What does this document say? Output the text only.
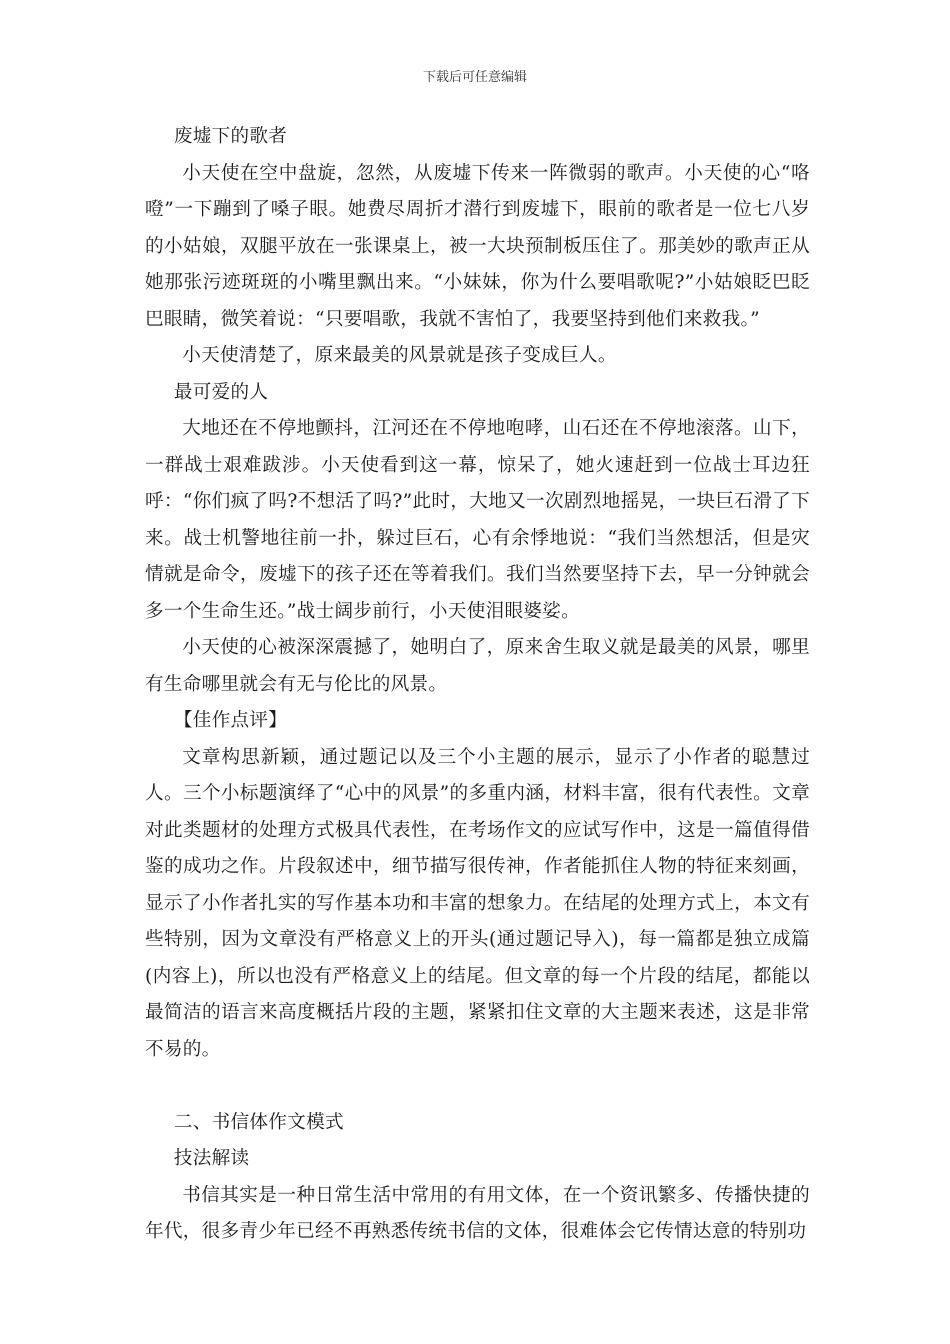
下载后可任意编辑

废墟下的歌者

小天使在空中盘旋，忽然，从废墟下传来一阵微弱的歌声。小天使的心“咯噔”一下蹦到了嗓子眼。她费尽周折才潜行到废墟下，眼前的歌者是一位七八岁的小姑娘，双腿平放在一张课桌上，被一大块预制板压住了。那美妙的歌声正从她那张污迹斑斑的小嘴里飘出来。“小妹妹，你为什么要唱歌呢?”小姑娘眨巴眨巴眼睛，微笑着说：“只要唱歌，我就不害怕了，我要坚持到他们来救我。”

小天使清楚了，原来最美的风景就是孩子变成巨人。

最可爱的人

大地还在不停地颤抖，江河还在不停地咆哮，山石还在不停地滚落。山下，一群战士艰难跋涉。小天使看到这一幕，惊呆了，她火速赶到一位战士耳边狂呼：“你们疯了吗?不想活了吗?”此时，大地又一次剧烈地摇晃，一块巨石滑了下来。战士机警地往前一扑，躲过巨石，心有余悸地说：“我们当然想活，但是灾情就是命令，废墟下的孩子还在等着我们。我们当然要坚持下去，早一分钟就会多一个生命生还。”战士阔步前行，小天使泪眼婆娑。

小天使的心被深深震撼了，她明白了，原来舍生取义就是最美的风景，哪里有生命哪里就会有无与伦比的风景。

【佳作点评】

文章构思新颖，通过题记以及三个小主题的展示，显示了小作者的聪慧过人。三个小标题演绎了“心中的风景”的多重内涵，材料丰富，很有代表性。文章对此类题材的处理方式极具代表性，在考场作文的应试写作中，这是一篇值得借鉴的成功之作。片段叙述中，细节描写很传神，作者能抓住人物的特征来刻画，显示了小作者扎实的写作基本功和丰富的想象力。在结尾的处理方式上，本文有些特别，因为文章没有严格意义上的开头(通过题记导入)，每一篇都是独立成篇(内容上)，所以也没有严格意义上的结尾。但文章的每一个片段的结尾，都能以最简洁的语言来高度概括片段的主题，紧紧扣住文章的大主题来表述，这是非常不易的。

二、书信体作文模式

技法解读

书信其实是一种日常生活中常用的有用文体，在一个资讯繁多、传播快捷的年代，很多青少年已经不再熟悉传统书信的文体，很难体会它传情达意的特别功
